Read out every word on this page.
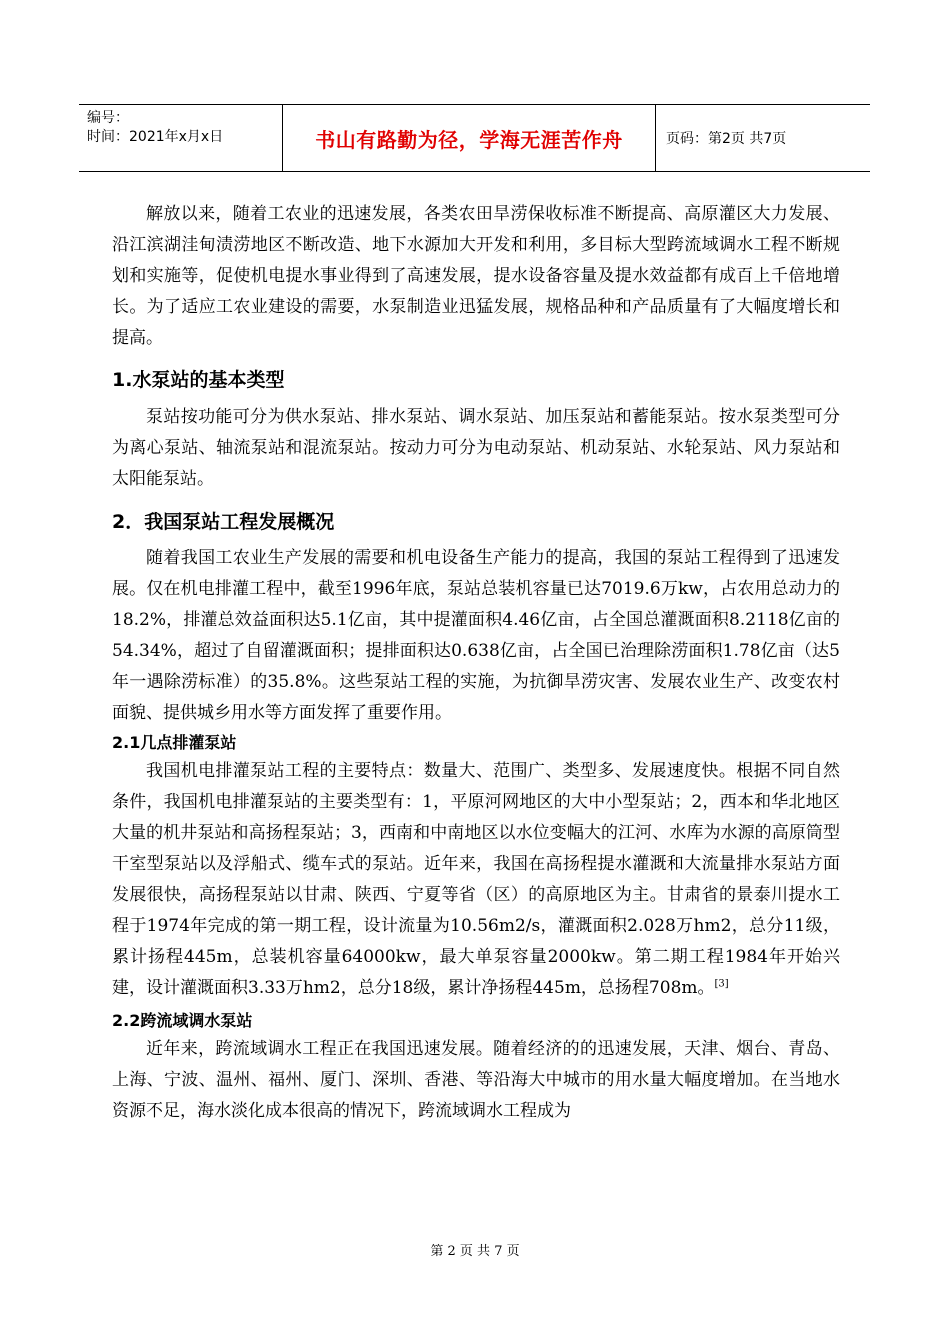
编号：
时间：2021年x月x日	书山有路勤为径，学海无涯苦作舟	页码：第2页 共7页

解放以来，随着工农业的迅速发展，各类农田旱涝保收标准不断提高、高原灌区大力发展、沿江滨湖洼甸渍涝地区不断改造、地下水源加大开发和利用，多目标大型跨流域调水工程不断规划和实施等，促使机电提水事业得到了高速发展，提水设备容量及提水效益都有成百上千倍地增长。为了适应工农业建设的需要，水泵制造业迅猛发展，规格品种和产品质量有了大幅度增长和提高。

1.水泵站的基本类型

泵站按功能可分为供水泵站、排水泵站、调水泵站、加压泵站和蓄能泵站。按水泵类型可分为离心泵站、轴流泵站和混流泵站。按动力可分为电动泵站、机动泵站、水轮泵站、风力泵站和太阳能泵站。

2．我国泵站工程发展概况

随着我国工农业生产发展的需要和机电设备生产能力的提高，我国的泵站工程得到了迅速发展。仅在机电排灌工程中，截至1996年底，泵站总装机容量已达7019.6万kw，占农用总动力的18.2%，排灌总效益面积达5.1亿亩，其中提灌面积4.46亿亩，占全国总灌溉面积8.2118亿亩的54.34%，超过了自留灌溉面积；提排面积达0.638亿亩，占全国已治理除涝面积1.78亿亩（达5年一遇除涝标准）的35.8%。这些泵站工程的实施，为抗御旱涝灾害、发展农业生产、改变农村面貌、提供城乡用水等方面发挥了重要作用。

2.1几点排灌泵站

我国机电排灌泵站工程的主要特点：数量大、范围广、类型多、发展速度快。根据不同自然条件，我国机电排灌泵站的主要类型有：1，平原河网地区的大中小型泵站；2，西本和华北地区大量的机井泵站和高扬程泵站；3，西南和中南地区以水位变幅大的江河、水库为水源的高原筒型干室型泵站以及浮船式、缆车式的泵站。近年来，我国在高扬程提水灌溉和大流量排水泵站方面发展很快，高扬程泵站以甘肃、陕西、宁夏等省（区）的高原地区为主。甘肃省的景泰川提水工程于1974年完成的第一期工程，设计流量为10.56m2/s，灌溉面积2.028万hm2，总分11级，累计扬程445m，总装机容量64000kw，最大单泵容量2000kw。第二期工程1984年开始兴建，设计灌溉面积3.33万hm2，总分18级，累计净扬程445m，总扬程708m。[3]

2.2跨流域调水泵站

近年来，跨流域调水工程正在我国迅速发展。随着经济的的迅速发展，天津、烟台、青岛、上海、宁波、温州、福州、厦门、深圳、香港、等沿海大中城市的用水量大幅度增加。在当地水资源不足，海水淡化成本很高的情况下，跨流域调水工程成为

第 2 页 共 7 页
